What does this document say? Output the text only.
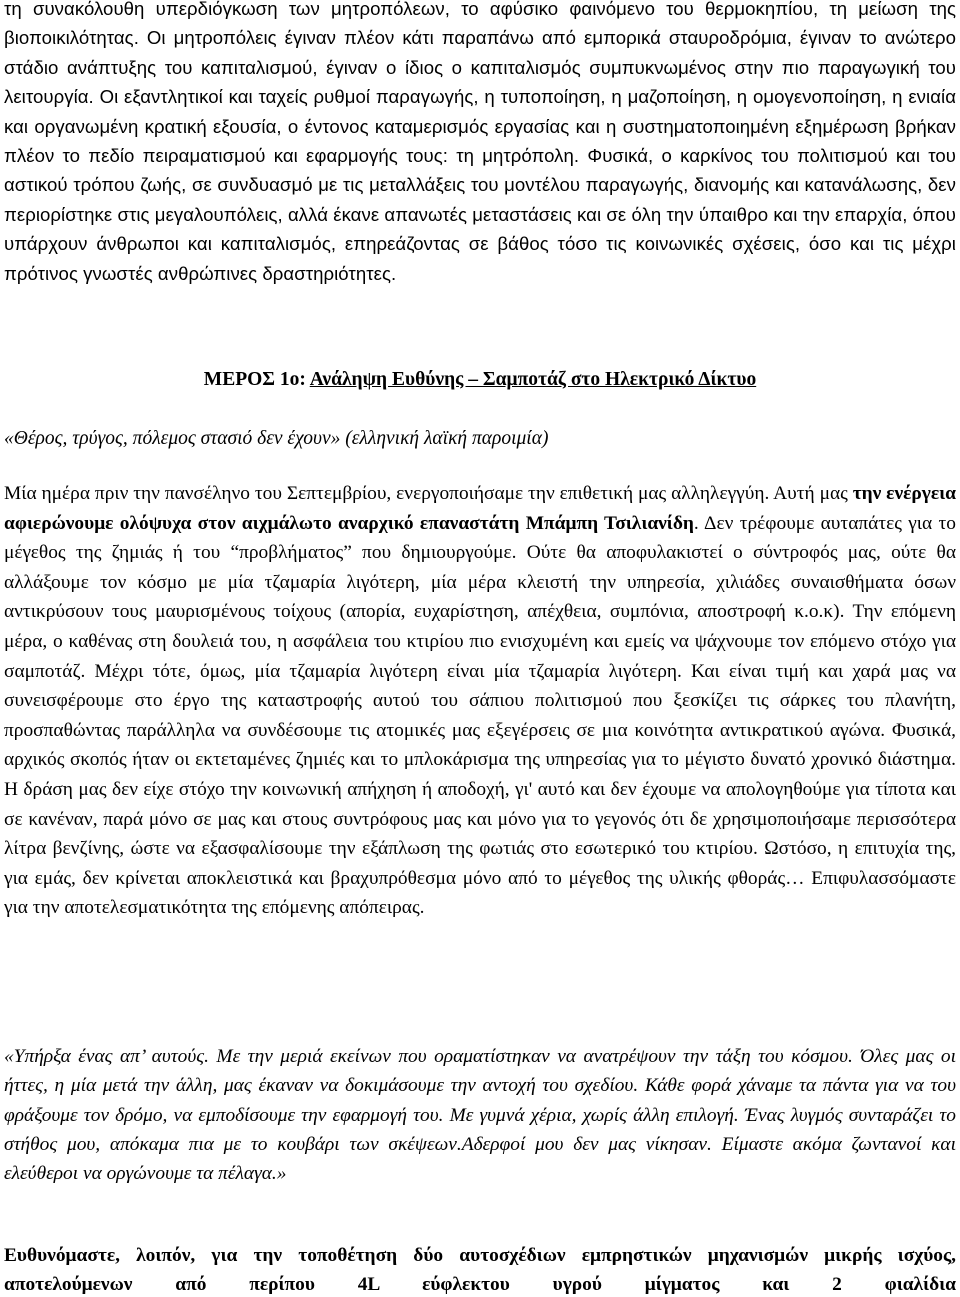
τη συνακόλουθη υπερδιόγκωση των μητροπόλεων, το αφύσικο φαινόμενο του θερμοκηπίου, τη μείωση της βιοποικιλότητας. Οι μητροπόλεις έγιναν πλέον κάτι παραπάνω από εμπορικά σταυροδρόμια, έγιναν το ανώτερο στάδιο ανάπτυξης του καπιταλισμού, έγιναν ο ίδιος ο καπιταλισμός συμπυκνωμένος στην πιο παραγωγική του λειτουργία. Οι εξαντλητικοί και ταχείς ρυθμοί παραγωγής, η τυποποίηση, η μαζοποίηση, η ομογενοποίηση, η ενιαία και οργανωμένη κρατική εξουσία, ο έντονος καταμερισμός εργασίας και η συστηματοποιημένη εξημέρωση βρήκαν πλέον το πεδίο πειραματισμού και εφαρμογής τους: τη μητρόπολη. Φυσικά, ο καρκίνος του πολιτισμού και του αστικού τρόπου ζωής, σε συνδυασμό με τις μεταλλάξεις του μοντέλου παραγωγής, διανομής και κατανάλωσης, δεν περιορίστηκε στις μεγαλουπόλεις, αλλά έκανε απανωτές μεταστάσεις και σε όλη την ύπαιθρο και την επαρχία, όπου υπάρχουν άνθρωποι και καπιταλισμός, επηρεάζοντας σε βάθος τόσο τις κοινωνικές σχέσεις, όσο και τις μέχρι πρότινος γνωστές ανθρώπινες δραστηριότητες.

ΜΕΡΟΣ 1ο: Ανάληψη Ευθύνης – Σαμποτάζ στο Ηλεκτρικό Δίκτυο

«Θέρος, τρύγος, πόλεμος στασιό δεν έχουν» (ελληνική λαϊκή παροιμία)

Μία ημέρα πριν την πανσέληνο του Σεπτεμβρίου, ενεργοποιήσαμε την επιθετική μας αλληλεγγύη. Αυτή μας την ενέργεια αφιερώνουμε ολόψυχα στον αιχμάλωτο αναρχικό επαναστάτη Μπάμπη Τσιλιανίδη. Δεν τρέφουμε αυταπάτες για το μέγεθος της ζημιάς ή του “προβλήματος” που δημιουργούμε. Ούτε θα αποφυλακιστεί ο σύντροφός μας, ούτε θα αλλάξουμε τον κόσμο με μία τζαμαρία λιγότερη, μία μέρα κλειστή την υπηρεσία, χιλιάδες συναισθήματα όσων αντικρύσουν τους μαυρισμένους τοίχους (απορία, ευχαρίστηση, απέχθεια, συμπόνια, αποστροφή κ.ο.κ). Την επόμενη μέρα, ο καθένας στη δουλειά του, η ασφάλεια του κτιρίου πιο ενισχυμένη και εμείς να ψάχνουμε τον επόμενο στόχο για σαμποτάζ. Μέχρι τότε, όμως, μία τζαμαρία λιγότερη είναι μία τζαμαρία λιγότερη. Και είναι τιμή και χαρά μας να συνεισφέρουμε στο έργο της καταστροφής αυτού του σάπιου πολιτισμού που ξεσκίζει τις σάρκες του πλανήτη, προσπαθώντας παράλληλα να συνδέσουμε τις ατομικές μας εξεγέρσεις σε μια κοινότητα αντικρατικού αγώνα. Φυσικά, αρχικός σκοπός ήταν οι εκτεταμένες ζημιές και το μπλοκάρισμα της υπηρεσίας για το μέγιστο δυνατό χρονικό διάστημα. Η δράση μας δεν είχε στόχο την κοινωνική απήχηση ή αποδοχή, γι' αυτό και δεν έχουμε να απολογηθούμε για τίποτα και σε κανέναν, παρά μόνο σε μας και στους συντρόφους μας και μόνο για το γεγονός ότι δε χρησιμοποιήσαμε περισσότερα λίτρα βενζίνης, ώστε να εξασφαλίσουμε την εξάπλωση της φωτιάς στο εσωτερικό του κτιρίου. Ωστόσο, η επιτυχία της, για εμάς, δεν κρίνεται αποκλειστικά και βραχυπρόθεσμα μόνο από το μέγεθος της υλικής φθοράς… Επιφυλασσόμαστε για την αποτελεσματικότητα της επόμενης απόπειρας.

«Υπήρξα ένας απ’ αυτούς. Με την μεριά εκείνων που οραματίστηκαν να ανατρέψουν την τάξη του κόσμου. Όλες μας οι ήττες, η μία μετά την άλλη, μας έκαναν να δοκιμάσουμε την αντοχή του σχεδίου. Κάθε φορά χάναμε τα πάντα για να του φράξουμε τον δρόμο, να εμποδίσουμε την εφαρμογή του. Με γυμνά χέρια, χωρίς άλλη επιλογή. Ένας λυγμός συνταράζει το στήθος μου, απόκαμα πια με το κουβάρι των σκέψεων.Αδερφοί μου δεν μας νίκησαν. Είμαστε ακόμα ζωντανοί και ελεύθεροι να οργώνουμε τα πέλαγα.»

Ευθυνόμαστε, λοιπόν, για την τοποθέτηση δύο αυτοσχέδιων εμπρηστικών μηχανισμών μικρής ισχύος, αποτελούμενων από περίπου 4L εύφλεκτου υγρού μίγματος και 2 φιαλίδια
